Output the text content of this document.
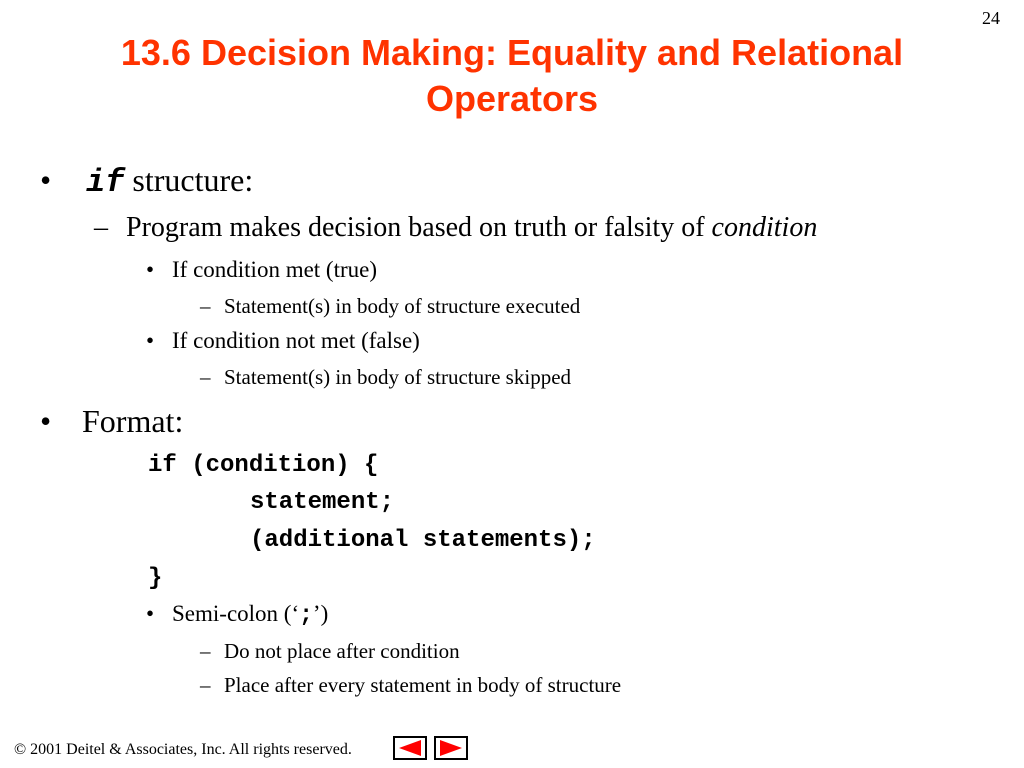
24
13.6 Decision Making: Equality and Relational Operators
• if structure:
– Program makes decision based on truth or falsity of condition
• If condition met (true)
– Statement(s) in body of structure executed
• If condition not met (false)
– Statement(s) in body of structure skipped
• Format:
if (condition) {
statement;
(additional statements);
}
• Semi-colon (‘;’)
– Do not place after condition
– Place after every statement in body of structure
© 2001 Deitel & Associates, Inc. All rights reserved.
